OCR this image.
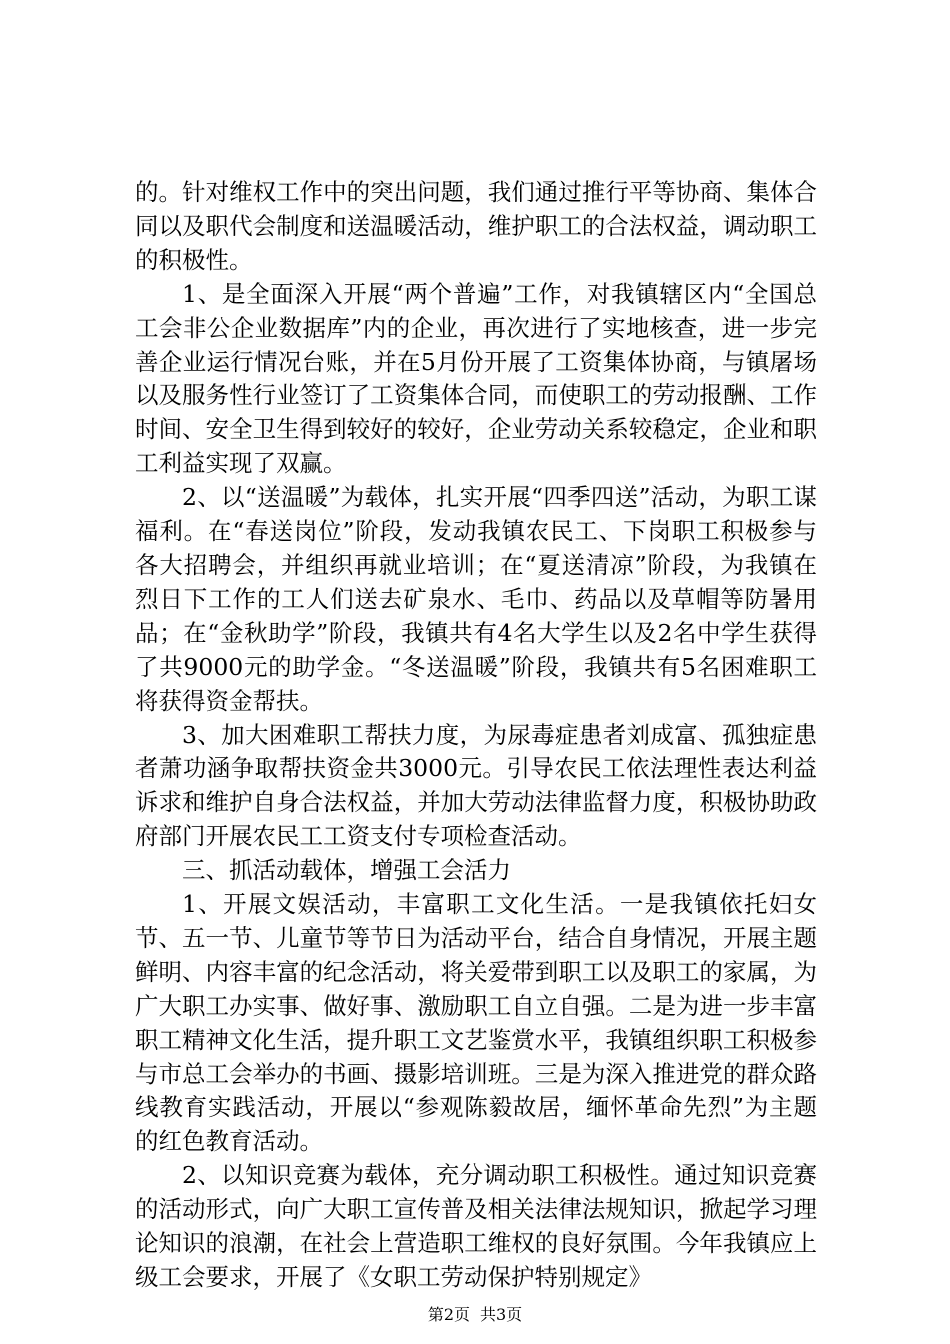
的。针对维权工作中的突出问题，我们通过推行平等协商、集体合同以及职代会制度和送温暖活动，维护职工的合法权益，调动职工的积极性。

1、是全面深入开展“两个普遍”工作，对我镇辖区内“全国总工会非公企业数据库”内的企业，再次进行了实地核查，进一步完善企业运行情况台账，并在5月份开展了工资集体协商，与镇屠场以及服务性行业签订了工资集体合同，而使职工的劳动报酬、工作时间、安全卫生得到较好的较好，企业劳动关系较稳定，企业和职工利益实现了双赢。

2、以“送温暖”为载体，扎实开展“四季四送”活动，为职工谋福利。在“春送岗位”阶段，发动我镇农民工、下岗职工积极参与各大招聘会，并组织再就业培训；在“夏送清凉”阶段，为我镇在烈日下工作的工人们送去矿泉水、毛巾、药品以及草帽等防暑用品；在“金秋助学”阶段，我镇共有4名大学生以及2名中学生获得了共9000元的助学金。“冬送温暖”阶段，我镇共有5名困难职工将获得资金帮扶。

3、加大困难职工帮扶力度，为尿毒症患者刘成富、孤独症患者萧功涵争取帮扶资金共3000元。引导农民工依法理性表达利益诉求和维护自身合法权益，并加大劳动法律监督力度，积极协助政府部门开展农民工工资支付专项检查活动。

三、抓活动载体，增强工会活力

1、开展文娱活动，丰富职工文化生活。一是我镇依托妇女节、五一节、儿童节等节日为活动平台，结合自身情况，开展主题鲜明、内容丰富的纪念活动，将关爱带到职工以及职工的家属，为广大职工办实事、做好事、激励职工自立自强。二是为进一步丰富职工精神文化生活，提升职工文艺鉴赏水平，我镇组织职工积极参与市总工会举办的书画、摄影培训班。三是为深入推进党的群众路线教育实践活动，开展以“参观陈毅故居，缅怀革命先烈”为主题的红色教育活动。

2、以知识竞赛为载体，充分调动职工积极性。通过知识竞赛的活动形式，向广大职工宣传普及相关法律法规知识，掀起学习理论知识的浪潮，在社会上营造职工维权的良好氛围。今年我镇应上级工会要求，开展了《女职工劳动保护特别规定》

第2页 共3页
